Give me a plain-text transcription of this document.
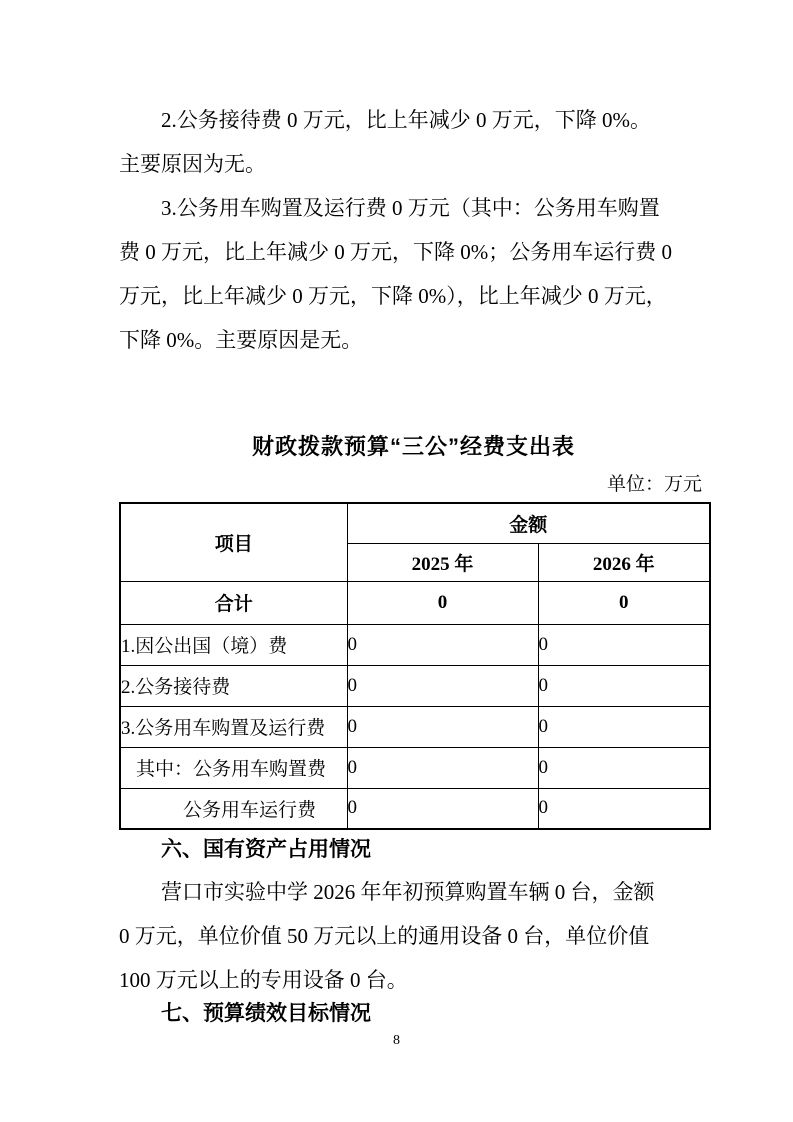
2.公务接待费 0 万元，比上年减少 0 万元，下降 0%。
主要原因为无。
3.公务用车购置及运行费 0 万元（其中：公务用车购置
费 0 万元，比上年减少 0 万元，下降 0%；公务用车运行费 0
万元，比上年减少 0 万元，下降 0%），比上年减少 0 万元，
下降 0%。主要原因是无。
财政拨款预算“三公”经费支出表
单位：万元
项目	金额	
	2025 年	2026 年
合计	0	0
1.因公出国（境）费	0	0
2.公务接待费	0	0
3.公务用车购置及运行费	0	0
其中：公务用车购置费	0	0
公务用车运行费	0	0
六、国有资产占用情况
营口市实验中学 2026 年年初预算购置车辆 0 台，金额
0 万元，单位价值 50 万元以上的通用设备 0 台，单位价值
100 万元以上的专用设备 0 台。
七、预算绩效目标情况
8
